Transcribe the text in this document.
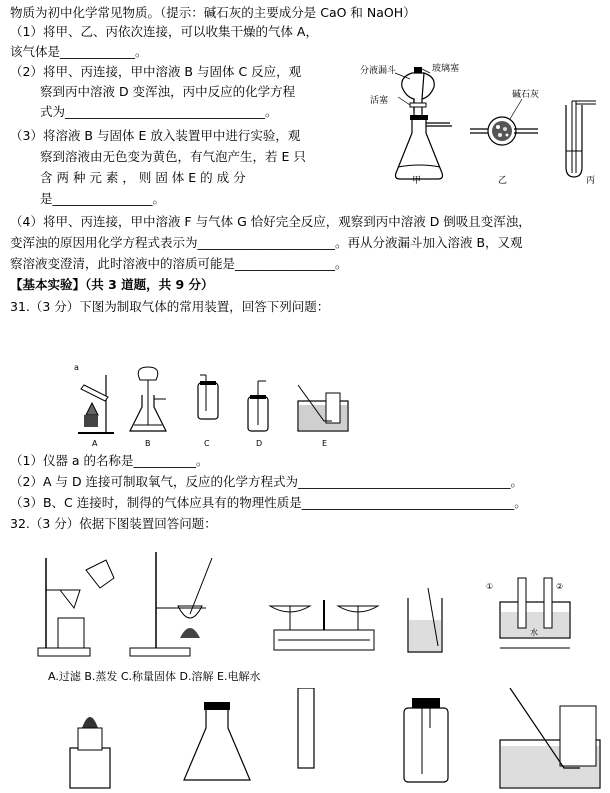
物质为初中化学常见物质。（提示：碱石灰的主要成分是 CaO 和 NaOH）
（1）将甲、乙、丙依次连接，可以收集干燥的气体 A，
该气体是____________。
（2）将甲、丙连接，甲中溶液 B 与固体 C 反应，观
察到丙中溶液 D 变浑浊，丙中反应的化学方程
式为________________________________。
（3）将溶液 B 与固体 E 放入装置甲中进行实验，观
察到溶液由无色变为黄色，有气泡产生，若 E 只
含 两 种 元 素 ， 则 固 体 E 的 成 分
是________________。
（4）将甲、丙连接，甲中溶液 F 与气体 G 恰好完全反应，观察到丙中溶液 D 倒吸且变浑浊，
变浑浊的原因用化学方程式表示为______________________。再从分液漏斗加入溶液 B，又观
察溶液变澄清，此时溶液中的溶质可能是________________。
【基本实验】（共 3 道题，共 9 分）
31.（3 分）下图为制取气体的常用装置，回答下列问题：
（1）仪器 a 的名称是__________。
（2）A 与 D 连接可制取氧气，反应的化学方程式为__________________________________。
（3）B、C 连接时，制得的气体应具有的物理性质是__________________________________。
32.（3 分）依据下图装置回答问题：
分液漏斗	玻璃塞
活塞
碱石灰
甲	乙	丙
a
A	B	C	D	E
①	②
水
A.过滤 B.蒸发 C.称量固体 D.溶解 E.电解水
